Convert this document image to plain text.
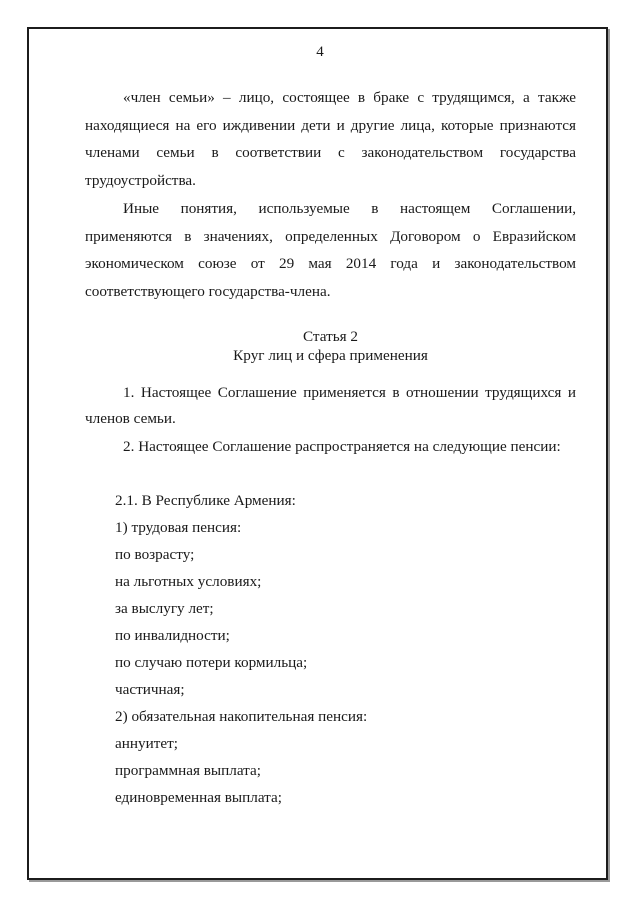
4

«член семьи» – лицо, состоящее в браке с трудящимся, а также находящиеся на его иждивении дети и другие лица, которые признаются членами семьи в соответствии с законодательством государства трудоустройства.

Иные понятия, используемые в настоящем Соглашении, применяются в значениях, определенных Договором о Евразийском экономическом союзе от 29 мая 2014 года и законодательством соответствующего государства-члена.

Статья 2

Круг лиц и сфера применения

1. Настоящее Соглашение применяется в отношении трудящихся и членов семьи.

2. Настоящее Соглашение распространяется на следующие пенсии:

2.1. В Республике Армения:
1) трудовая пенсия:
по возрасту;
на льготных условиях;
за выслугу лет;
по инвалидности;
по случаю потери кормильца;
частичная;
2) обязательная накопительная пенсия:
аннуитет;
программная выплата;
единовременная выплата;
